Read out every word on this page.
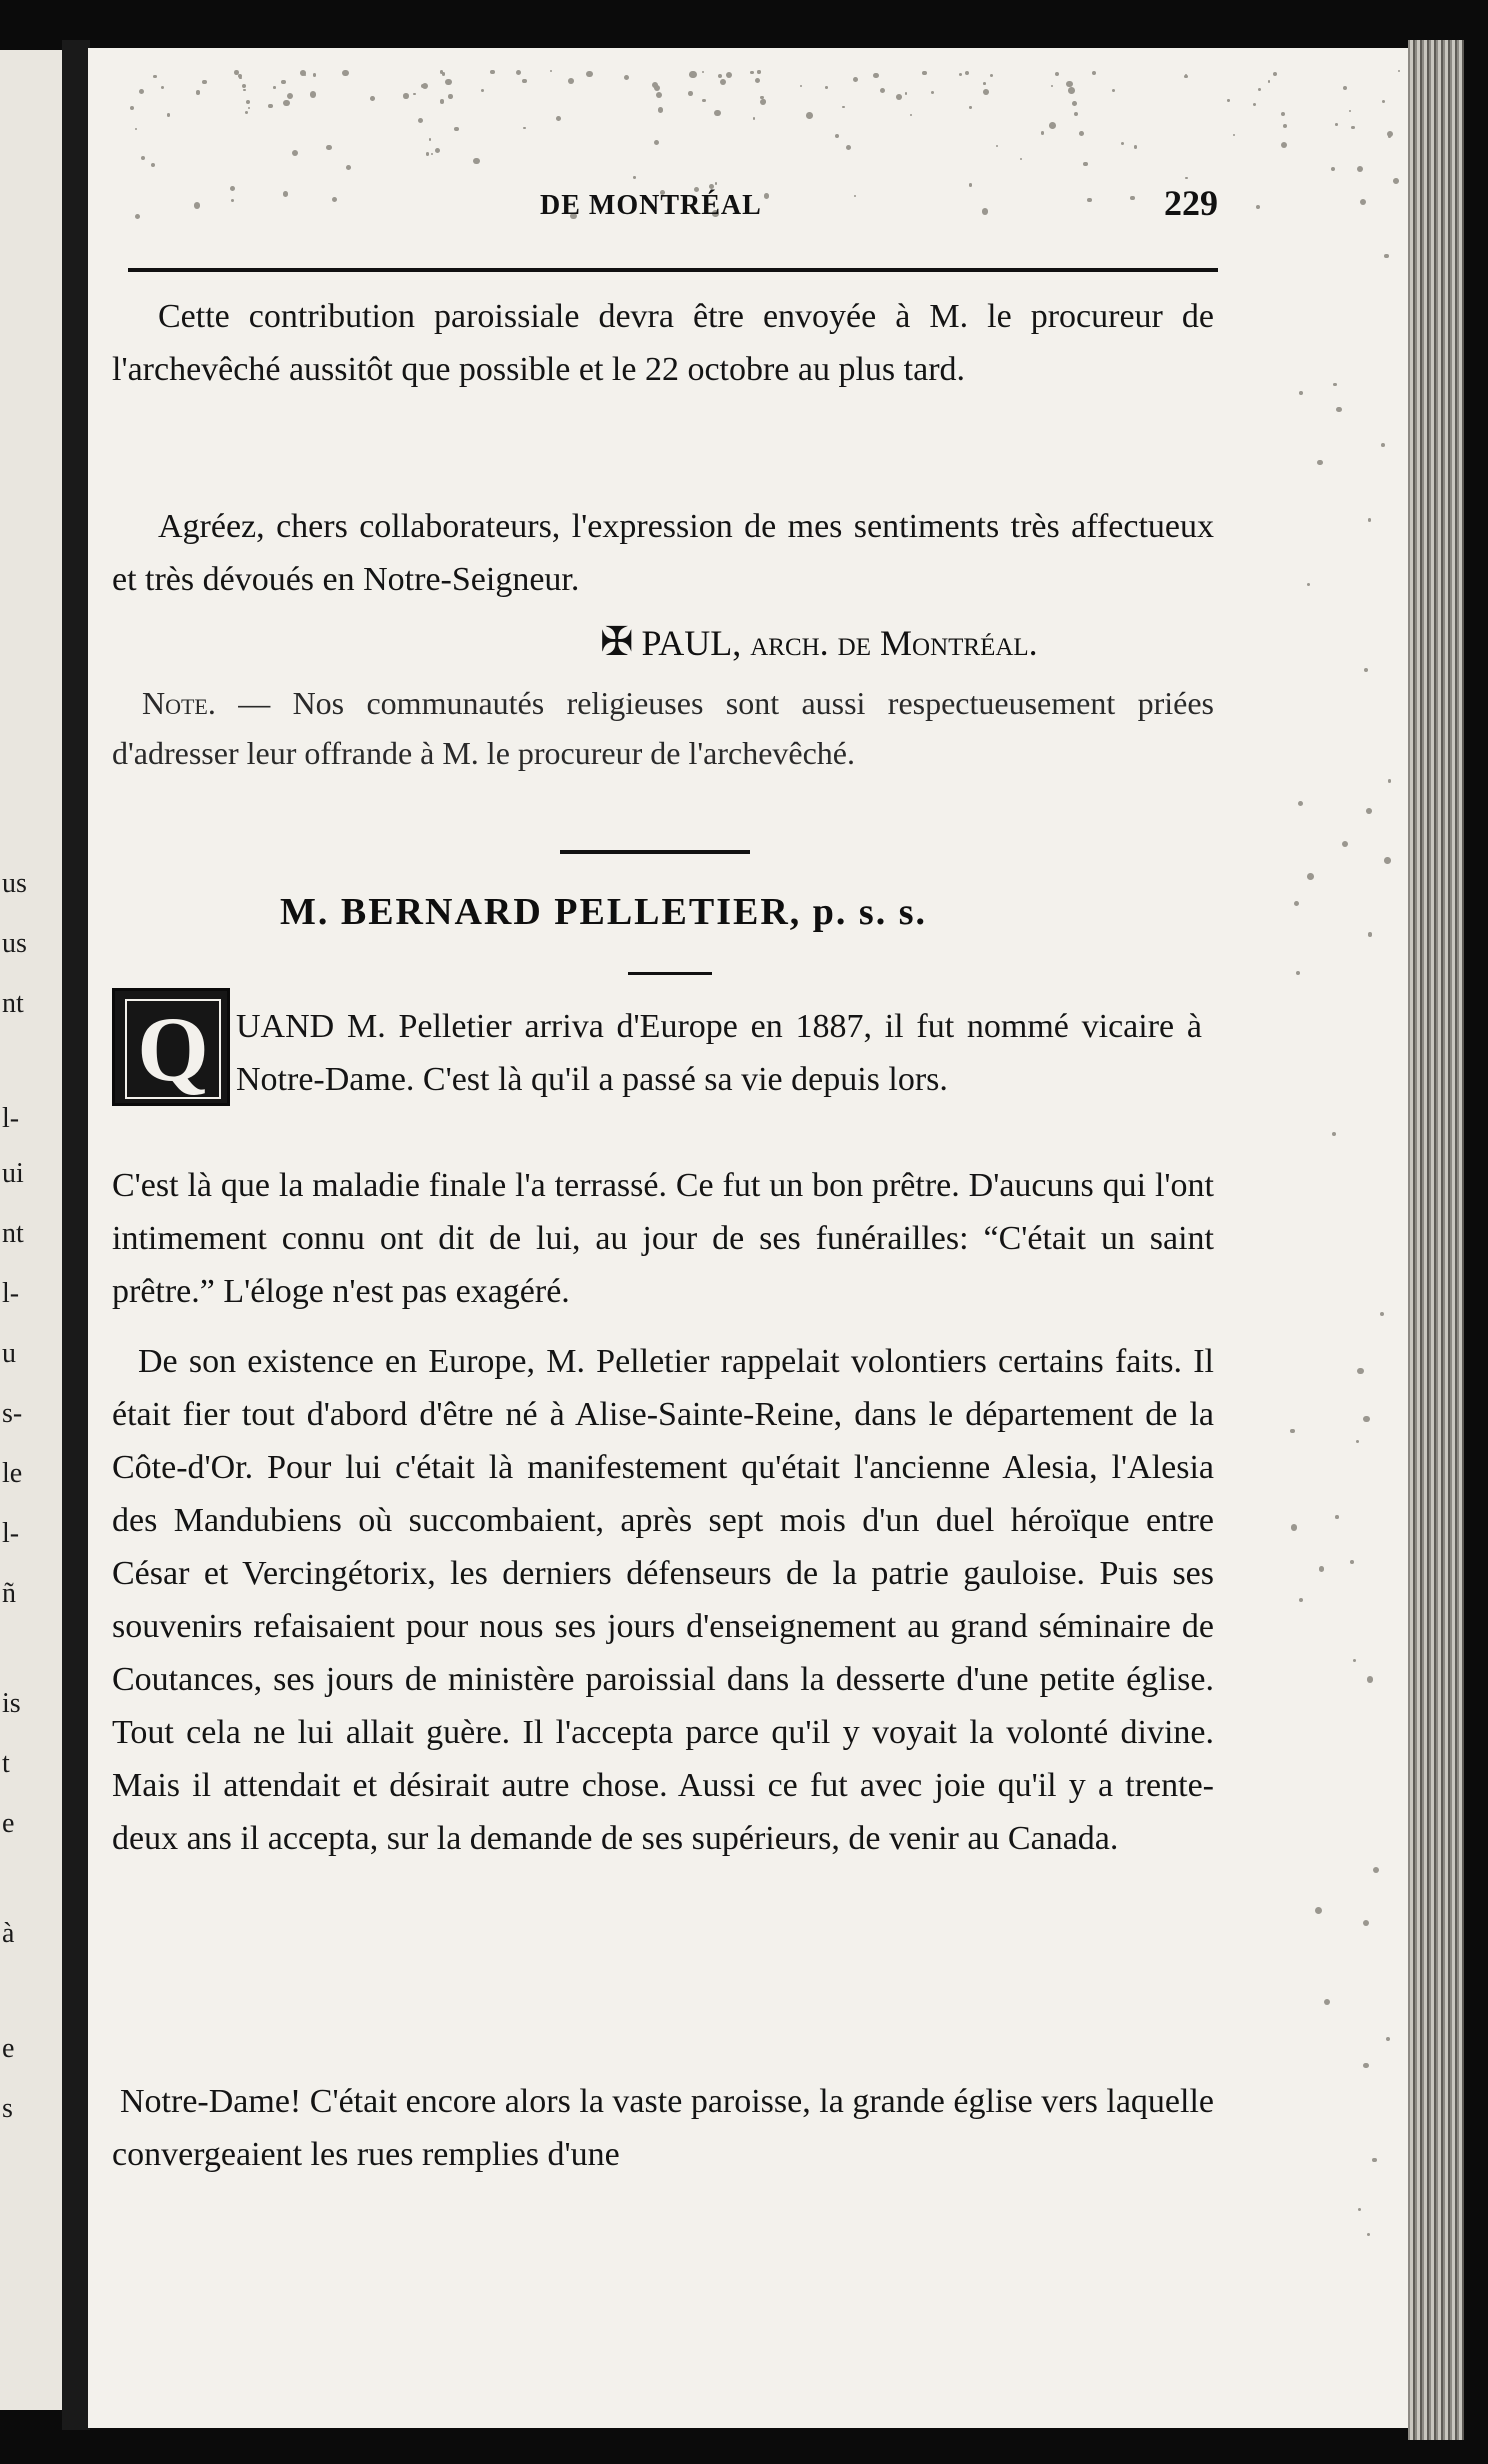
us
us
nt
l-
ui
nt
l-
u
s-
le
l-
ñ
is
t
e
à
e
s
DE MONTRÉAL	229
Cette contribution paroissiale devra être envoyée à M. le procureur de l'archevêché aussitôt que possible et le 22 octobre au plus tard.
Agréez, chers collaborateurs, l'expression de mes sentiments très affectueux et très dévoués en Notre-Seigneur.
✠ PAUL, arch. de Montréal.
Note. — Nos communautés religieuses sont aussi respectueusement priées d'adresser leur offrande à M. le procureur de l'archevêché.
M. BERNARD PELLETIER, p. s. s.
Q UAND M. Pelletier arriva d'Europe en 1887, il fut nommé vicaire à Notre-Dame. C'est là qu'il a passé sa vie depuis lors.
C'est là que la maladie finale l'a terrassé. Ce fut un bon prêtre. D'aucuns qui l'ont intimement connu ont dit de lui, au jour de ses funérailles: “C'était un saint prêtre.” L'éloge n'est pas exagéré.
De son existence en Europe, M. Pelletier rappelait volontiers certains faits. Il était fier tout d'abord d'être né à Alise-Sainte-Reine, dans le département de la Côte-d'Or. Pour lui c'était là manifestement qu'était l'ancienne Alesia, l'Alesia des Mandubiens où succombaient, après sept mois d'un duel héroïque entre César et Vercingétorix, les derniers défenseurs de la patrie gauloise. Puis ses souvenirs refaisaient pour nous ses jours d'enseignement au grand séminaire de Coutances, ses jours de ministère paroissial dans la desserte d'une petite église. Tout cela ne lui allait guère. Il l'accepta parce qu'il y voyait la volonté divine. Mais il attendait et désirait autre chose. Aussi ce fut avec joie qu'il y a trente-deux ans il accepta, sur la demande de ses supérieurs, de venir au Canada.
Notre-Dame! C'était encore alors la vaste paroisse, la grande église vers laquelle convergeaient les rues remplies d'une
